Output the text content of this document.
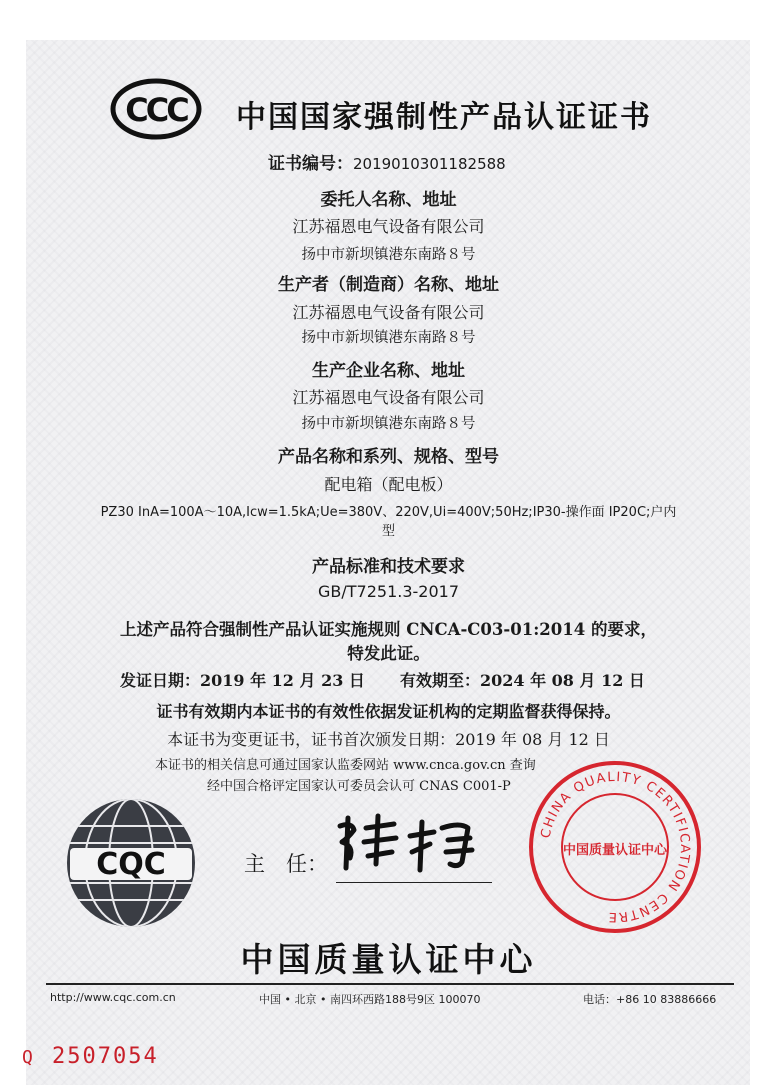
CCC 中国国家强制性产品认证证书
证书编号：2019010301182588
委托人名称、地址
江苏福恩电气设备有限公司
扬中市新坝镇港东南路８号
生产者（制造商）名称、地址
江苏福恩电气设备有限公司
扬中市新坝镇港东南路８号
生产企业名称、地址
江苏福恩电气设备有限公司
扬中市新坝镇港东南路８号
产品名称和系列、规格、型号
配电箱（配电板）
PZ30 InA=100A～10A,Icw=1.5kA;Ue=380V、220V,Ui=400V;50Hz;IP30-操作面 IP20C;户内
型
产品标准和技术要求
GB/T7251.3-2017
上述产品符合强制性产品认证实施规则 CNCA-C03-01:2014 的要求，
特发此证。
发证日期：2019 年 12 月 23 日 有效期至：2024 年 08 月 12 日
证书有效期内本证书的有效性依据发证机构的定期监督获得保持。
本证书为变更证书，证书首次颁发日期：2019 年 08 月 12 日
本证书的相关信息可通过国家认监委网站 www.cnca.gov.cn 查询
经中国合格评定国家认可委员会认可 CNAS C001-P
CQC	主　任：
CHINA QUALITY CERTIFICATION CENTRE
中国质量认证中心
中国质量认证中心
http://www.cqc.com.cn	中国 • 北京 • 南四环西路188号9区 100070	电话：+86 10 83886666
Q 2507054
